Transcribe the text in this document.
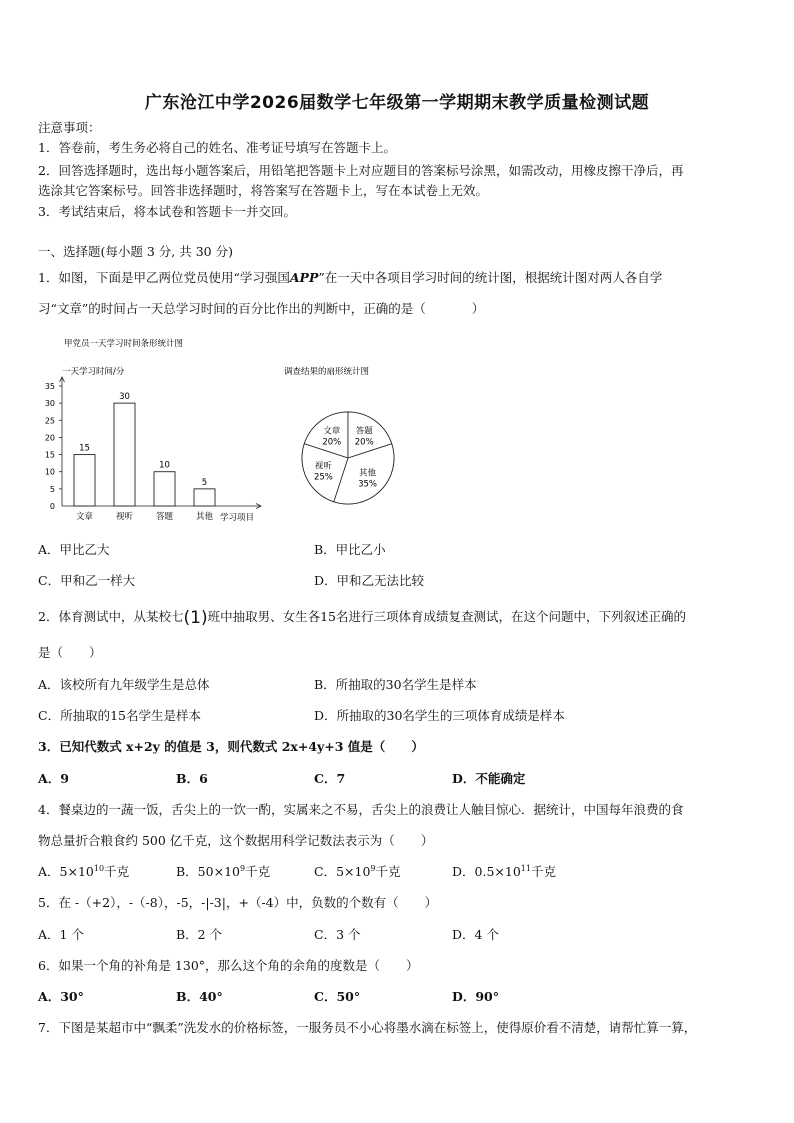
广东沧江中学2026届数学七年级第一学期期末教学质量检测试题
注意事项：
1．答卷前，考生务必将自己的姓名、准考证号填写在答题卡上。
2．回答选择题时，选出每小题答案后，用铅笔把答题卡上对应题目的答案标号涂黑，如需改动，用橡皮擦干净后，再
选涂其它答案标号。回答非选择题时，将答案写在答题卡上，写在本试卷上无效。
3．考试结束后，将本试卷和答题卡一并交回。
一、选择题(每小题 3 分, 共 30 分)
1．如图，下面是甲乙两位党员使用“学习强国APP”在一天中各项目学习时间的统计图，根据统计图对两人各自学
习“文章”的时间占一天总学习时间的百分比作出的判断中，正确的是（	）
甲党员一天学习时间条形统计图
一天学习时间/分
学习项目
0
5
10
15
20
25
30
35
15
文章
30
视听
10
答题
5
其他
调查结果的扇形统计图
文章
20%
答题
20%
其他
35%
视听
25%
A．甲比乙大	B．甲比乙小
C．甲和乙一样大	D．甲和乙无法比较
2．体育测试中，从某校七(1)班中抽取男、女生各15名进行三项体育成绩复查测试，在这个问题中，下列叙述正确的
是（ ）
A．该校所有九年级学生是总体	B．所抽取的30名学生是样本
C．所抽取的15名学生是样本	D．所抽取的30名学生的三项体育成绩是样本
3．已知代数式 x+2y 的值是 3，则代数式 2x+4y+3 值是（ ）
A．9	B．6	C．7	D．不能确定
4．餐桌边的一蔬一饭，舌尖上的一饮一酌，实属来之不易，舌尖上的浪费让人触目惊心．据统计，中国每年浪费的食
物总量折合粮食约 500 亿千克，这个数据用科学记数法表示为（ ）
A．$5\times 10^{10}$千克	B．$50\times 10^9$千克	C．$5\times 10^9$千克	D．$0.5\times 10^{11}$千克
5．在 -（+2），-（-8），-5，-|-3|，+（-4）中，负数的个数有（ ）
A．1 个	B．2 个	C．3 个	D．4 个
6．如果一个角的补角是 130°，那么这个角的余角的度数是（ ）
A．30°	B．40°	C．50°	D．90°
7．下图是某超市中“飘柔”洗发水的价格标签，一服务员不小心将墨水滴在标签上，使得原价看不清楚，请帮忙算一算，
